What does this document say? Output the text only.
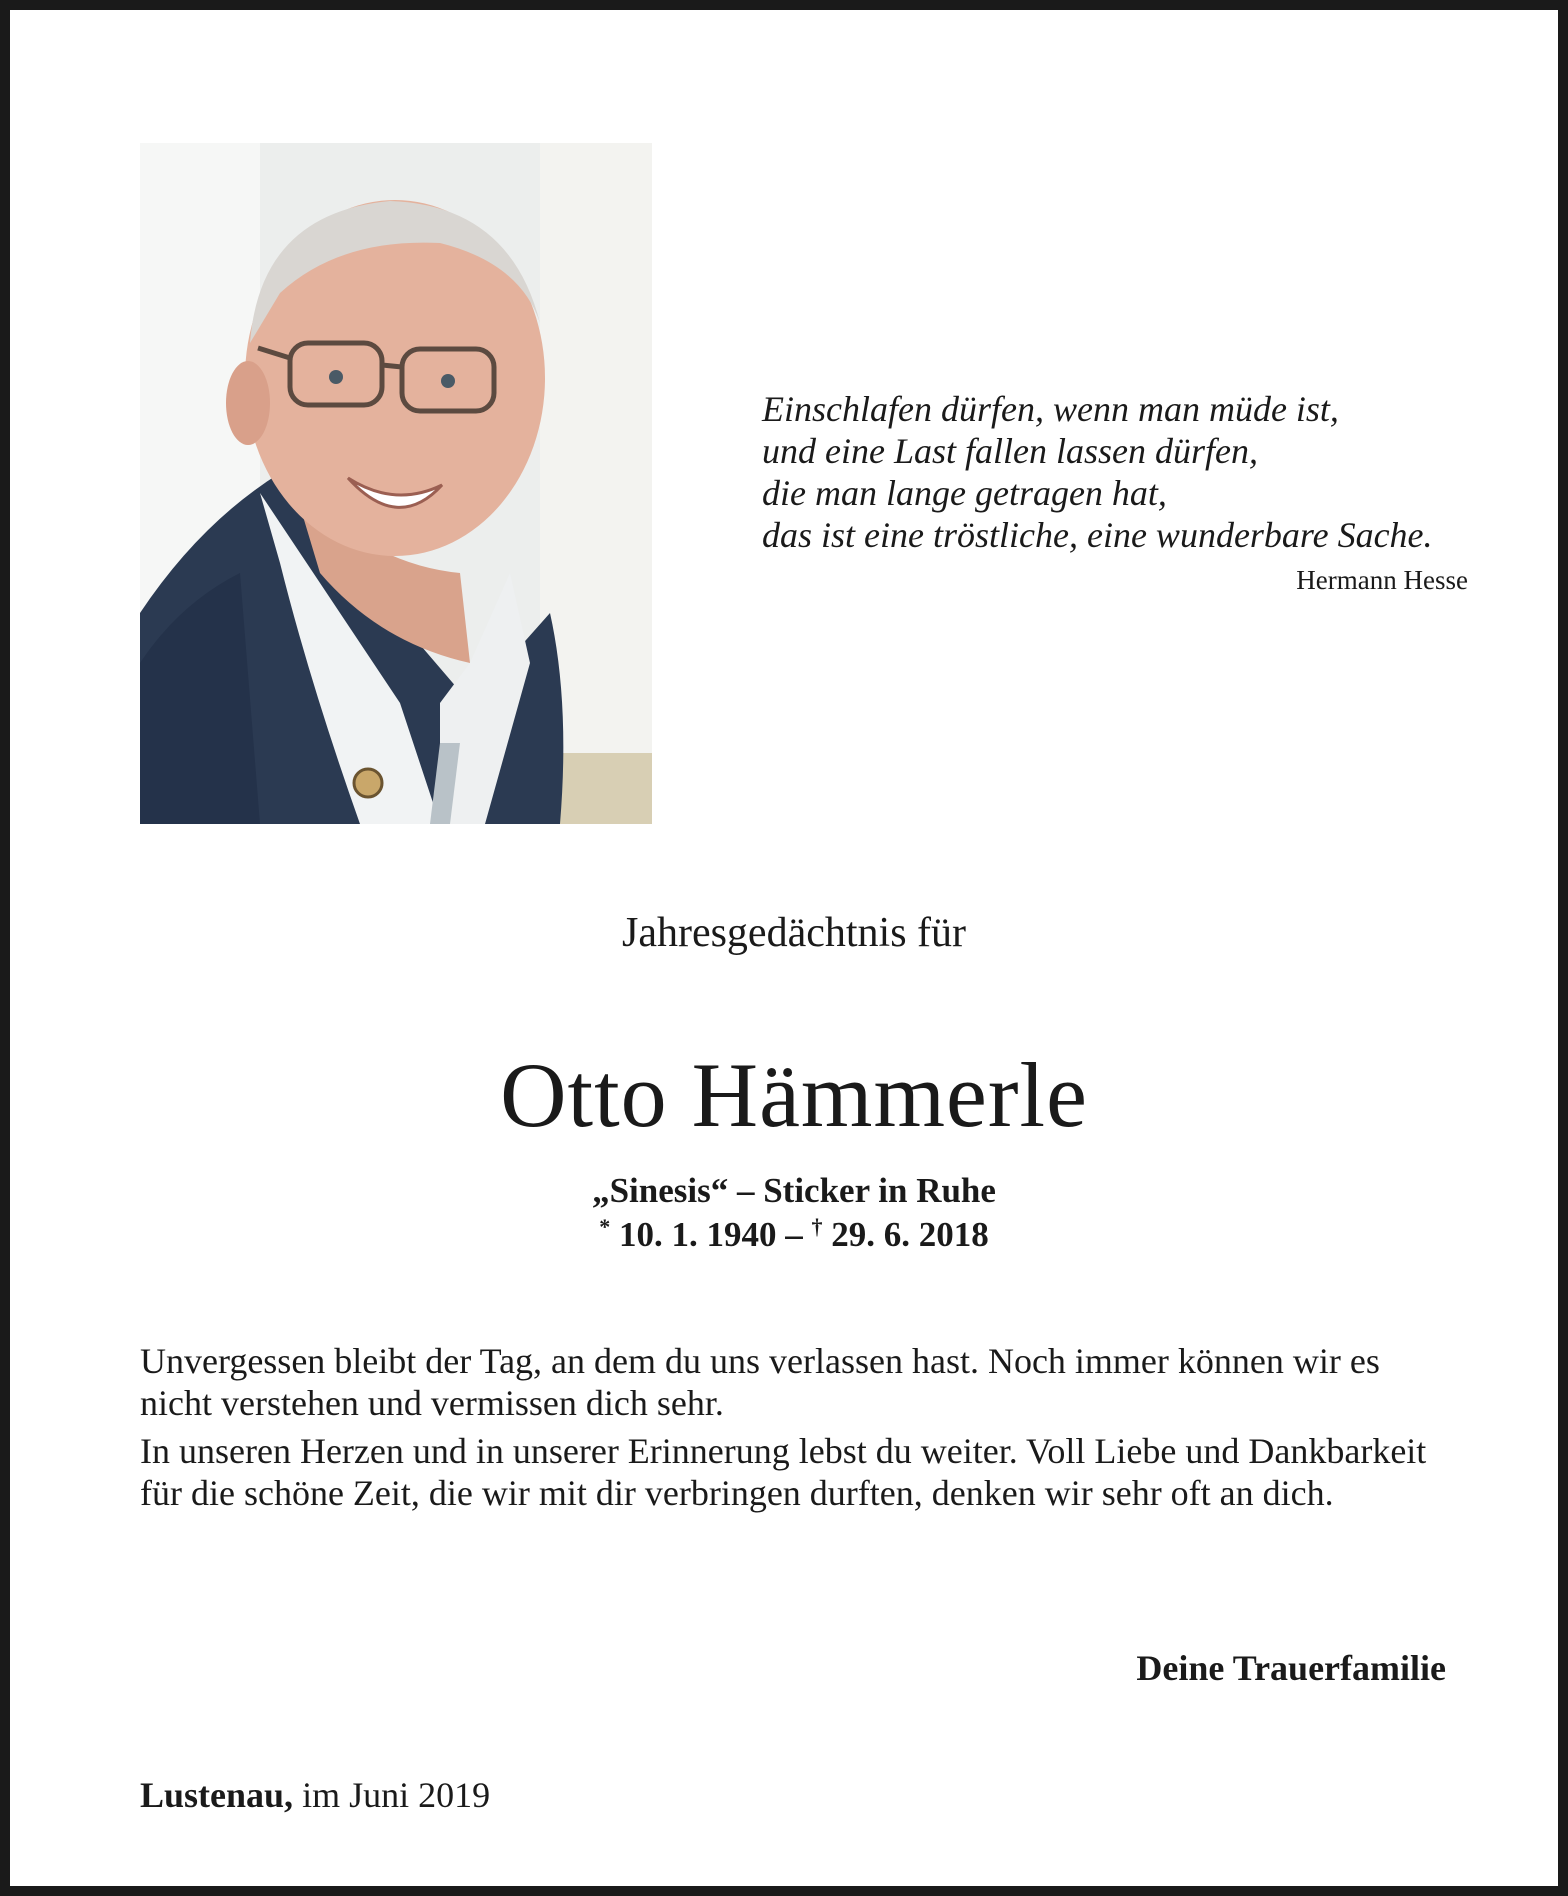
Einschlafen dürfen, wenn man müde ist,
und eine Last fallen lassen dürfen,
die man lange getragen hat,
das ist eine tröstliche, eine wunderbare Sache.
Hermann Hesse
Jahresgedächtnis für
Otto Hämmerle
„Sinesis“ – Sticker in Ruhe
* 10. 1. 1940 – † 29. 6. 2018

Unvergessen bleibt der Tag, an dem du uns verlassen hast. Noch immer können wir es nicht verstehen und vermissen dich sehr.

In unseren Herzen und in unserer Erinnerung lebst du weiter. Voll Liebe und Dankbarkeit für die schöne Zeit, die wir mit dir verbringen durften, denken wir sehr oft an dich.

Deine Trauerfamilie
Lustenau, im Juni 2019
